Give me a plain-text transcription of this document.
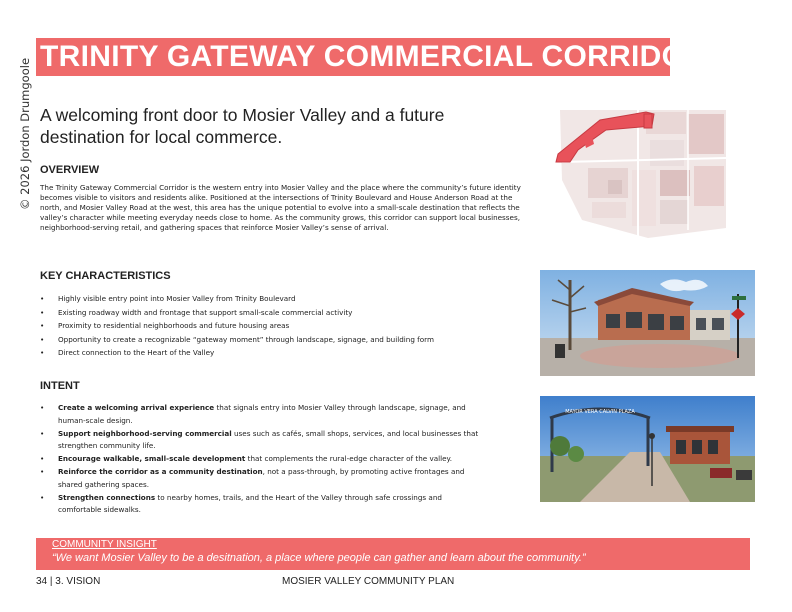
TRINITY GATEWAY COMMERCIAL CORRIDOR
© 2026 Jordon Drumgoole A welcoming front door to Mosier Valley and a future destination for local commerce.
OVERVIEW
The Trinity Gateway Commercial Corridor is the western entry into Mosier Valley and the place where the community’s future identity becomes visible to visitors and residents alike. Positioned at the intersections of Trinity Boulevard and House Anderson Road at the north, and Mosier Valley Road at the west, this area has the unique potential to evolve into a small-scale destination that reflects the valley’s character while meeting everyday needs close to home. As the community grows, this corridor can support local businesses, neighborhood-serving retail, and gathering spaces that reinforce Mosier Valley’s sense of arrival.
KEY CHARACTERISTICS
• Highly visible entry point into Mosier Valley from Trinity Boulevard
• Existing roadway width and frontage that support small-scale commercial activity
• Proximity to residential neighborhoods and future housing areas
• Opportunity to create a recognizable “gateway moment” through landscape, signage, and building form
• Direct connection to the Heart of the Valley
INTENT
• Create a welcoming arrival experience that signals entry into Mosier Valley through landscape, signage, and
human-scale design.
• Support neighborhood-serving commercial uses such as cafés, small shops, services, and local businesses that
strengthen community life.
• Encourage walkable, small-scale development that complements the rural-edge character of the valley.
• Reinforce the corridor as a community destination, not a pass-through, by promoting active frontages and
shared gathering spaces.
• Strengthen connections to nearby homes, trails, and the Heart of the Valley through safe crossings and
comfortable sidewalks.
MAYOR VERA CALVIN PLAZA
COMMUNITY INSIGHT
“We want Mosier Valley to be a desitnation, a place where people can gather and learn about the community.”
34 | 3. VISION	MOSIER VALLEY COMMUNITY PLAN
